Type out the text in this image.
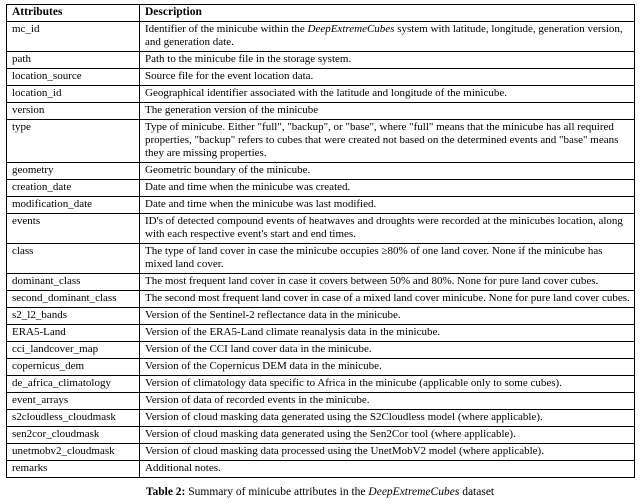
Attributes	Description
mc_id	Identifier of the minicube within the DeepExtremeCubes system with latitude, longitude, generation version, and generation date.
path	Path to the minicube file in the storage system.
location_source	Source file for the event location data.
location_id	Geographical identifier associated with the latitude and longitude of the minicube.
version	The generation version of the minicube
type	Type of minicube. Either "full", "backup", or "base", where "full" means that the minicube has all required properties, "backup" refers to cubes that were created not based on the determined events and "base" means they are missing properties.
geometry	Geometric boundary of the minicube.
creation_date	Date and time when the minicube was created.
modification_date	Date and time when the minicube was last modified.
events	ID's of detected compound events of heatwaves and droughts were recorded at the minicubes location, along with each respective event's start and end times.
class	The type of land cover in case the minicube occupies ≥80% of one land cover. None if the minicube has mixed land cover.
dominant_class	The most frequent land cover in case it covers between 50% and 80%. None for pure land cover cubes.
second_dominant_class	The second most frequent land cover in case of a mixed land cover minicube. None for pure land cover cubes.
s2_l2_bands	Version of the Sentinel-2 reflectance data in the minicube.
ERA5-Land	Version of the ERA5-Land climate reanalysis data in the minicube.
cci_landcover_map	Version of the CCI land cover data in the minicube.
copernicus_dem	Version of the Copernicus DEM data in the minicube.
de_africa_climatology	Version of climatology data specific to Africa in the minicube (applicable only to some cubes).
event_arrays	Version of data of recorded events in the minicube.
s2cloudless_cloudmask	Version of cloud masking data generated using the S2Cloudless model (where applicable).
sen2cor_cloudmask	Version of cloud masking data generated using the Sen2Cor tool (where applicable).
unetmobv2_cloudmask	Version of cloud masking data processed using the UnetMobV2 model (where applicable).
remarks	Additional notes.
Table 2: Summary of minicube attributes in the DeepExtremeCubes dataset
